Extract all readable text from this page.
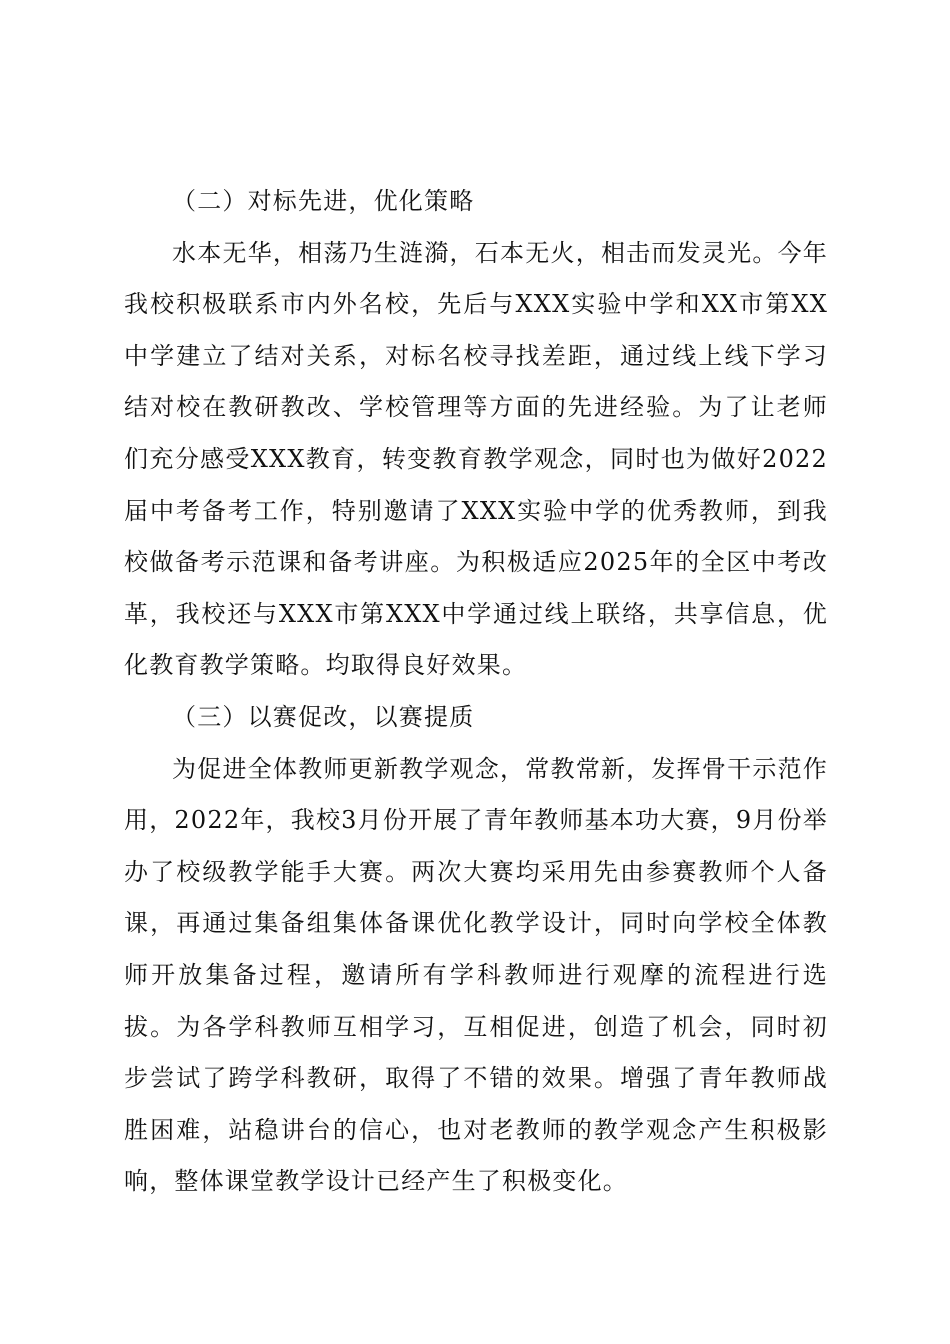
（二）对标先进，优化策略

水本无华，相荡乃生涟漪，石本无火，相击而发灵光。今年我校积极联系市内外名校，先后与XXX实验中学和XX市第XX中学建立了结对关系，对标名校寻找差距，通过线上线下学习结对校在教研教改、学校管理等方面的先进经验。为了让老师们充分感受XXX教育，转变教育教学观念，同时也为做好2022届中考备考工作，特别邀请了XXX实验中学的优秀教师，到我校做备考示范课和备考讲座。为积极适应2025年的全区中考改革，我校还与XXX市第XXX中学通过线上联络，共享信息，优化教育教学策略。均取得良好效果。

（三）以赛促改，以赛提质

为促进全体教师更新教学观念，常教常新，发挥骨干示范作用，2022年，我校3月份开展了青年教师基本功大赛，9月份举办了校级教学能手大赛。两次大赛均采用先由参赛教师个人备课，再通过集备组集体备课优化教学设计，同时向学校全体教师开放集备过程，邀请所有学科教师进行观摩的流程进行选拔。为各学科教师互相学习，互相促进，创造了机会，同时初步尝试了跨学科教研，取得了不错的效果。增强了青年教师战胜困难，站稳讲台的信心，也对老教师的教学观念产生积极影响，整体课堂教学设计已经产生了积极变化。
